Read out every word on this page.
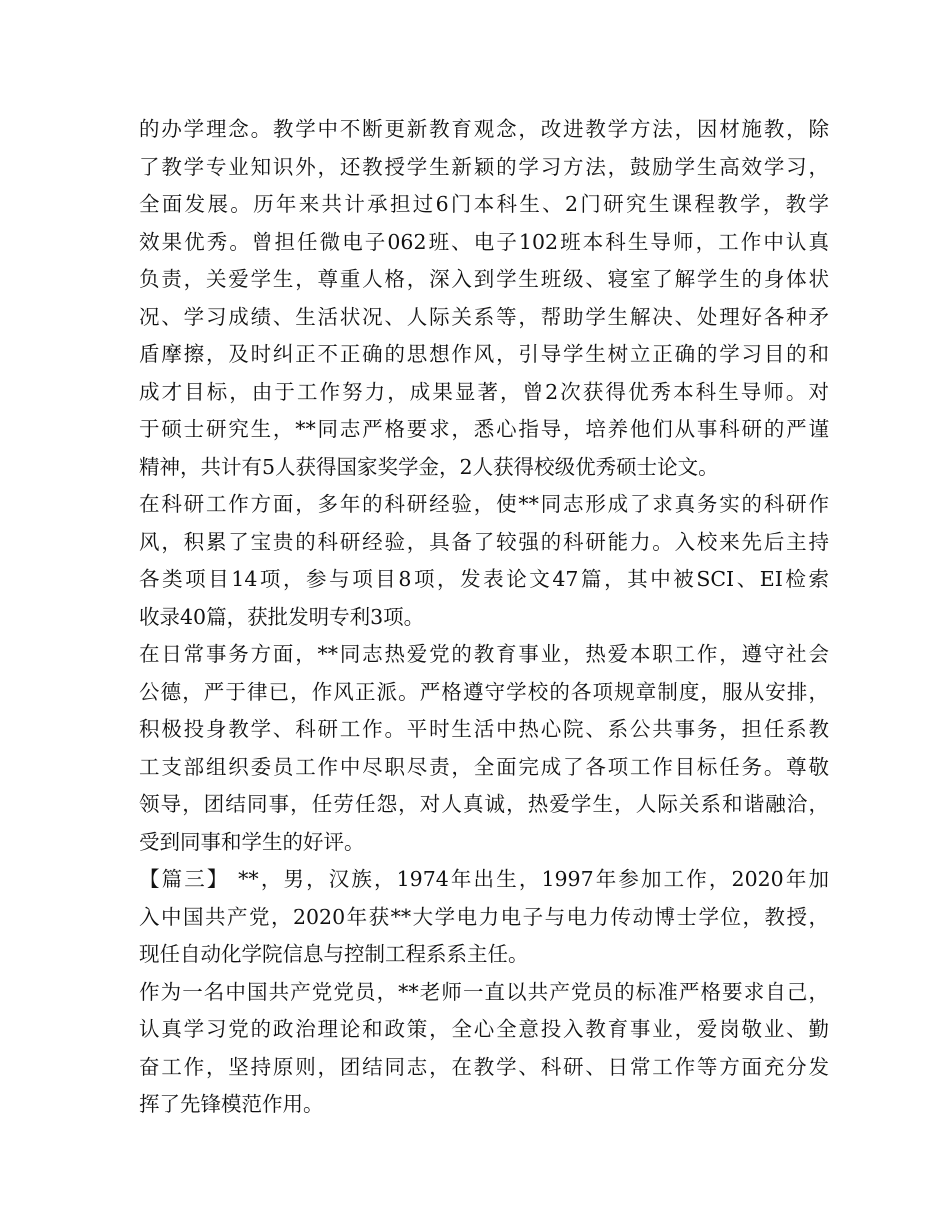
的办学理念。教学中不断更新教育观念，改进教学方法，因材施教，除
了教学专业知识外，还教授学生新颖的学习方法，鼓励学生高效学习，
全面发展。历年来共计承担过6门本科生、2门研究生课程教学，教学
效果优秀。曾担任微电子062班、电子102班本科生导师，工作中认真
负责，关爱学生，尊重人格，深入到学生班级、寝室了解学生的身体状
况、学习成绩、生活状况、人际关系等，帮助学生解决、处理好各种矛
盾摩擦，及时纠正不正确的思想作风，引导学生树立正确的学习目的和
成才目标，由于工作努力，成果显著，曾2次获得优秀本科生导师。对
于硕士研究生，**同志严格要求，悉心指导，培养他们从事科研的严谨
精神，共计有5人获得国家奖学金，2人获得校级优秀硕士论文。
在科研工作方面，多年的科研经验，使**同志形成了求真务实的科研作
风，积累了宝贵的科研经验，具备了较强的科研能力。入校来先后主持
各类项目14项，参与项目8项，发表论文47篇，其中被SCI、EI检索
收录40篇，获批发明专利3项。
在日常事务方面，**同志热爱党的教育事业，热爱本职工作，遵守社会
公德，严于律已，作风正派。严格遵守学校的各项规章制度，服从安排，
积极投身教学、科研工作。平时生活中热心院、系公共事务，担任系教
工支部组织委员工作中尽职尽责，全面完成了各项工作目标任务。尊敬
领导，团结同事，任劳任怨，对人真诚，热爱学生，人际关系和谐融洽，
受到同事和学生的好评。
【篇三】 **，男，汉族，1974年出生，1997年参加工作，2020年加
入中国共产党，2020年获**大学电力电子与电力传动博士学位，教授，
现任自动化学院信息与控制工程系系主任。
作为一名中国共产党党员，**老师一直以共产党员的标准严格要求自己，
认真学习党的政治理论和政策，全心全意投入教育事业，爱岗敬业、勤
奋工作，坚持原则，团结同志，在教学、科研、日常工作等方面充分发
挥了先锋模范作用。
